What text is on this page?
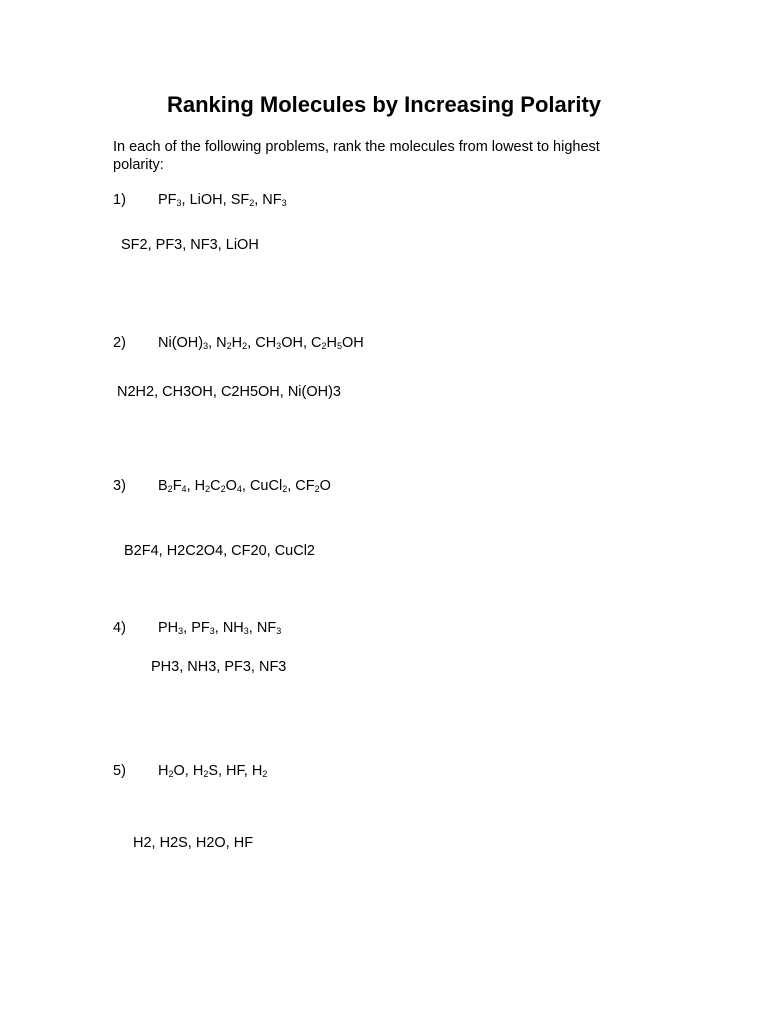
Ranking Molecules by Increasing Polarity

In each of the following problems, rank the molecules from lowest to highest polarity:

1) $PF_3$, LiOH, $SF_2$, $NF_3$
SF2, PF3, NF3, LiOH
2) $Ni(OH)_3$, $N_2H_2$, $CH_3OH$, $C_2H_5OH$
N2H2, CH3OH, C2H5OH, Ni(OH)3
3) $B_2F_4$, $H_2C_2O_4$, CuCl$_2$, $CF_2O$
B2F4, H2C2O4, CF20, CuCl2
4) $PH_3$, $PF_3$, $NH_3$, $NF_3$
PH3, NH3, PF3, NF3
5) $H_2O$, $H_2S$, HF, $H_2$
H2, H2S, H2O, HF
